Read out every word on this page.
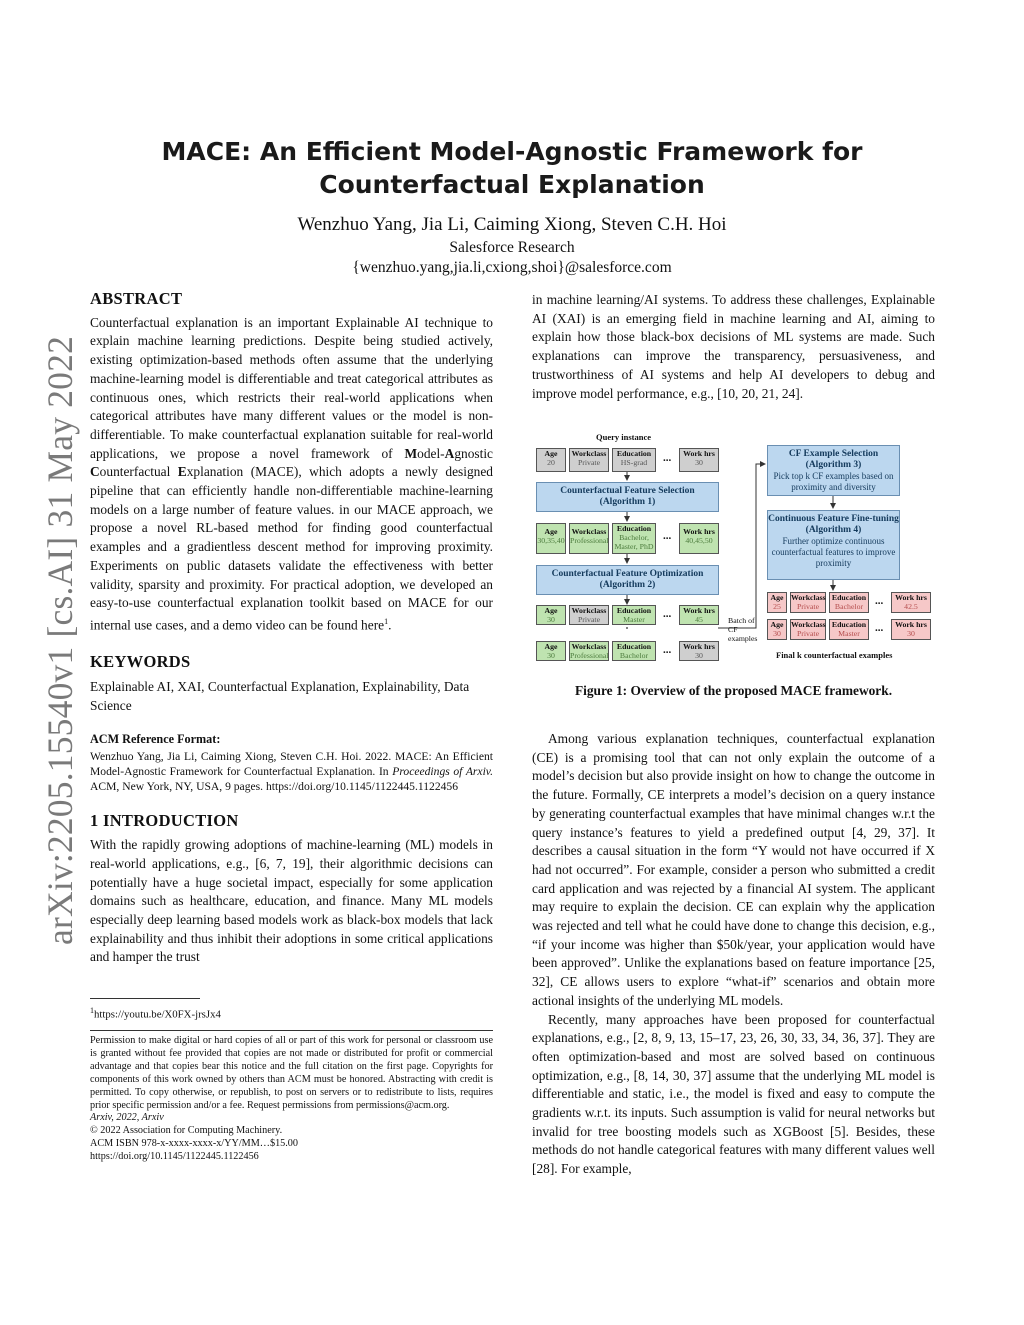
arXiv:2205.15540v1 [cs.AI] 31 May 2022
MACE: An Efficient Model-Agnostic Framework for
Counterfactual Explanation
Wenzhuo Yang, Jia Li, Caiming Xiong, Steven C.H. Hoi
Salesforce Research
{wenzhuo.yang,jia.li,cxiong,shoi}@salesforce.com
ABSTRACT
Counterfactual explanation is an important Explainable AI technique to explain machine learning predictions. Despite being studied actively, existing optimization-based methods often assume that the underlying machine-learning model is differentiable and treat categorical attributes as continuous ones, which restricts their real-world applications when categorical attributes have many different values or the model is non-differentiable. To make counterfactual explanation suitable for real-world applications, we propose a novel framework of Model-Agnostic Counterfactual Explanation (MACE), which adopts a newly designed pipeline that can efficiently handle non-differentiable machine-learning models on a large number of feature values. in our MACE approach, we propose a novel RL-based method for finding good counterfactual examples and a gradientless descent method for improving proximity. Experiments on public datasets validate the effectiveness with better validity, sparsity and proximity. For practical adoption, we developed an easy-to-use counterfactual explanation toolkit based on MACE for our internal use cases, and a demo video can be found here$^1$.
KEYWORDS
Explainable AI, XAI, Counterfactual Explanation, Explainability, Data Science
ACM Reference Format:
Wenzhuo Yang, Jia Li, Caiming Xiong, Steven C.H. Hoi. 2022. MACE: An Efficient Model-Agnostic Framework for Counterfactual Explanation. In Proceedings of Arxiv. ACM, New York, NY, USA, 9 pages. https://doi.org/10.1145/1122445.1122456
1 INTRODUCTION
With the rapidly growing adoptions of machine-learning (ML) models in real-world applications, e.g., [6, 7, 19], their algorithmic decisions can potentially have a huge societal impact, especially for some application domains such as healthcare, education, and finance. Many ML models especially deep learning based models work as black-box models that lack explainability and thus inhibit their adoptions in some critical applications and hamper the trust
$^1$https://youtu.be/X0FX-jrsJx4
Permission to make digital or hard copies of all or part of this work for personal or classroom use is granted without fee provided that copies are not made or distributed for profit or commercial advantage and that copies bear this notice and the full citation on the first page. Copyrights for components of this work owned by others than ACM must be honored. Abstracting with credit is permitted. To copy otherwise, or republish, to post on servers or to redistribute to lists, requires prior specific permission and/or a fee. Request permissions from permissions@acm.org.
Arxiv, 2022, Arxiv
© 2022 Association for Computing Machinery.
ACM ISBN 978-x-xxxx-xxxx-x/YY/MM…$15.00
https://doi.org/10.1145/1122445.1122456
in machine learning/AI systems. To address these challenges, Explainable AI (XAI) is an emerging field in machine learning and AI, aiming to explain how those black-box decisions of ML systems are made. Such explanations can improve the transparency, persuasiveness, and trustworthiness of AI systems and help AI developers to debug and improve model performance, e.g., [10, 20, 21, 24].
Query instance
Age
20
Workclass
Private
Education
HS-grad	...	Work hrs
30
Counterfactual Feature Selection
(Algorithm 1)
Age
30,35,40
Workclass
Professional
Education
Bachelor, Master, PhD
...	Work hrs
40,45,50
Counterfactual Feature Optimization
(Algorithm 2)
Age
30
Workclass
Private
Education
Master	...	Work hrs
45
Age
30
Workclass
Professional
Education
Bachelor	...	Work hrs
30
Batch of CF examples
CF Example Selection
(Algorithm 3)
Pick top k CF examples based on proximity and diversity
Continuous Feature Fine-tuning
(Algorithm 4)
Further optimize continuous counterfactual features to improve proximity
Age
25
Workclass
Private
Education
Bachelor	...	Work hrs
42.5
Age
30
Workclass
Private
Education
Master	...	Work hrs
30
Final k counterfactual examples
Figure 1: Overview of the proposed MACE framework.
Among various explanation techniques, counterfactual explanation (CE) is a promising tool that can not only explain the outcome of a model’s decision but also provide insight on how to change the outcome in the future. Formally, CE interprets a model’s decision on a query instance by generating counterfactual examples that have minimal changes w.r.t the query instance’s features to yield a predefined output [4, 29, 37]. It describes a causal situation in the form “Y would not have occurred if X had not occurred”. For example, consider a person who submitted a credit card application and was rejected by a financial AI system. The applicant may require to explain the decision. CE can explain why the application was rejected and tell what he could have done to change this decision, e.g., “if your income was higher than $50k/year, your application would have been approved”. Unlike the explanations based on feature importance [25, 32], CE allows users to explore “what-if” scenarios and obtain more actional insights of the underlying ML models.
Recently, many approaches have been proposed for counterfactual explanations, e.g., [2, 8, 9, 13, 15–17, 23, 26, 30, 33, 34, 36, 37]. They are often optimization-based and most are solved based on continuous optimization, e.g., [8, 14, 30, 37] assume that the underlying ML model is differentiable and static, i.e., the model is fixed and easy to compute the gradients w.r.t. its inputs. Such assumption is valid for neural networks but invalid for tree boosting models such as XGBoost [5]. Besides, these methods do not handle categorical features with many different values well [28]. For example,
